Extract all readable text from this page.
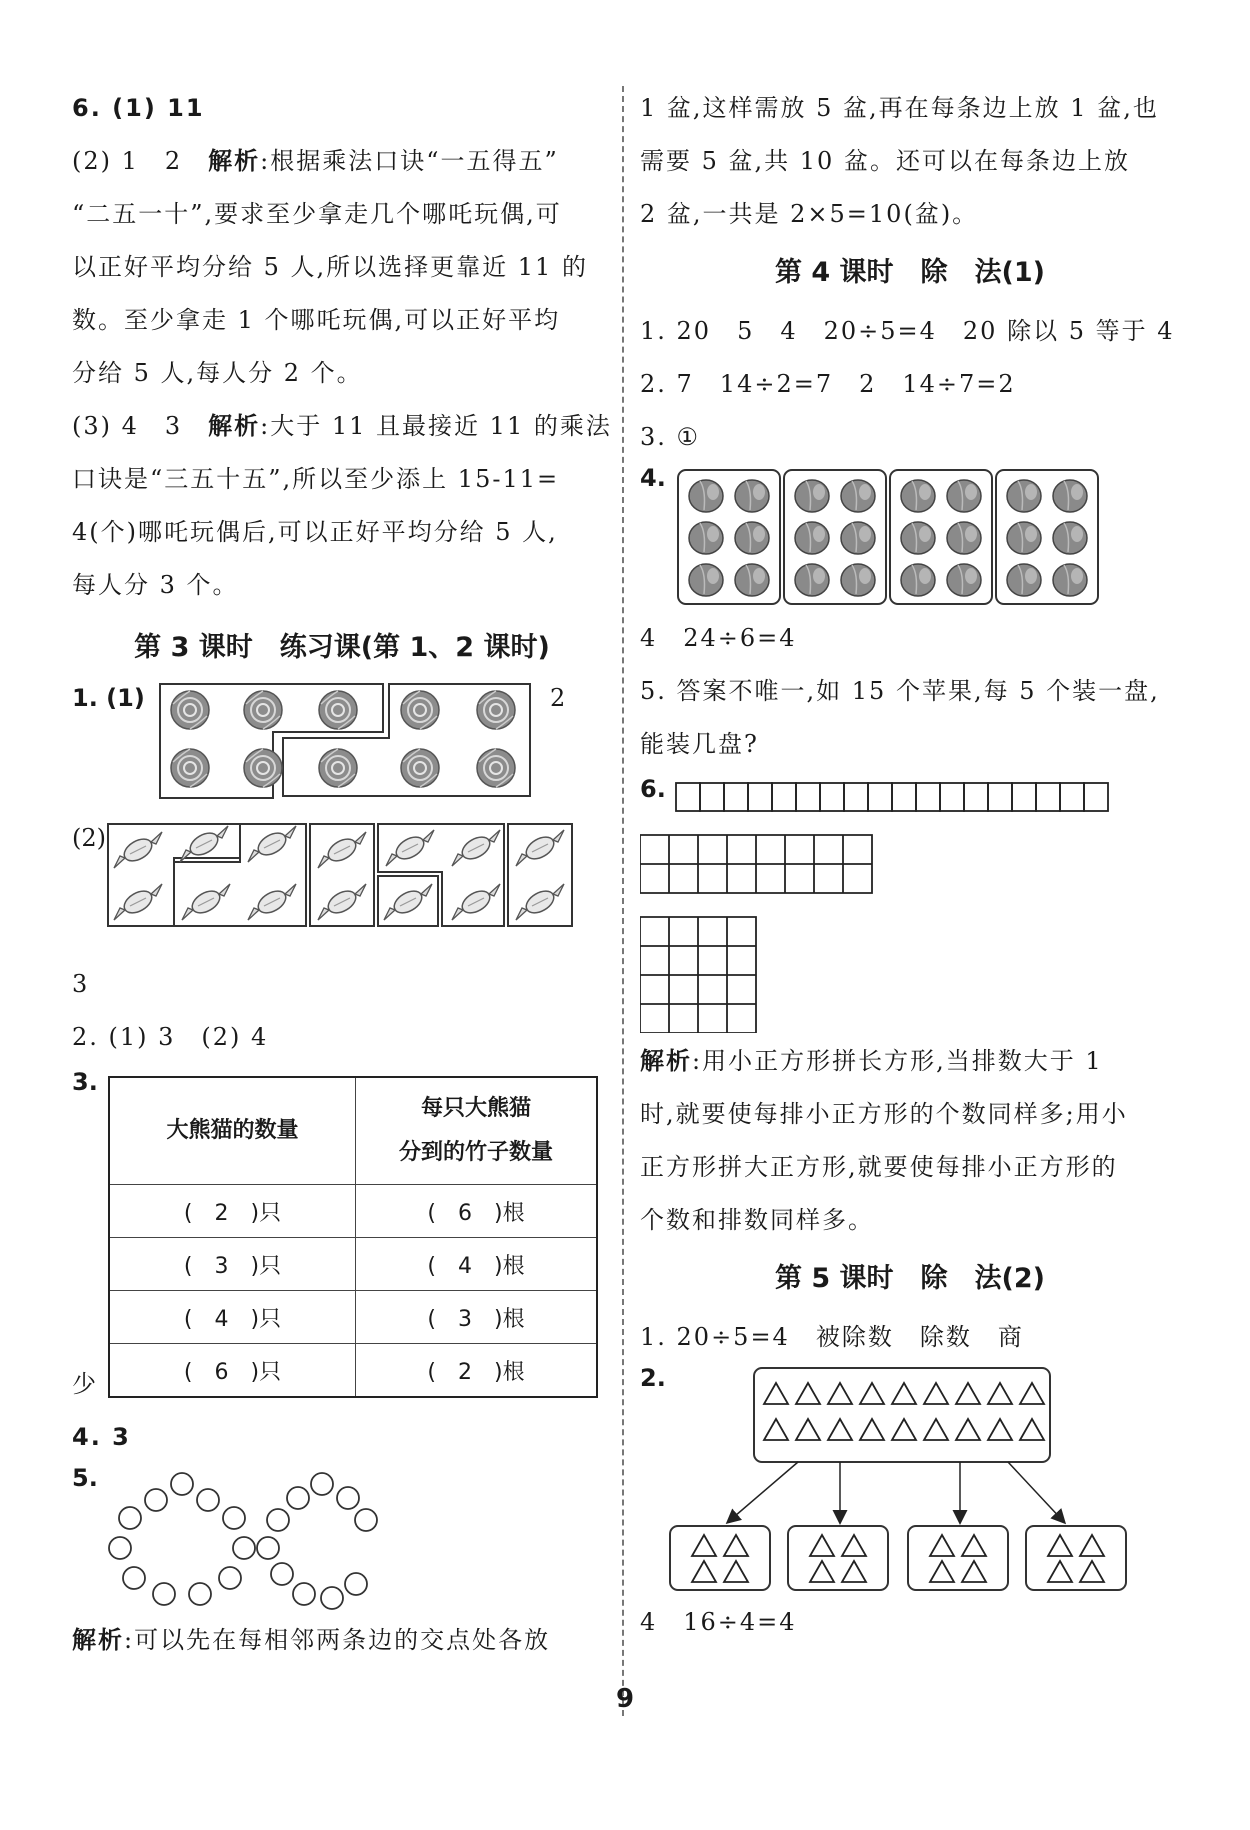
6. (1) 11

(2) 1　2　解析:根据乘法口诀“一五得五”

“二五一十”,要求至少拿走几个哪吒玩偶,可

以正好平均分给 5 人,所以选择更靠近 11 的

数。至少拿走 1 个哪吒玩偶,可以正好平均

分给 5 人,每人分 2 个。

(3) 4　3　解析:大于 11 且最接近 11 的乘法

口诀是“三五十五”,所以至少添上 15-11=

4(个)哪吒玩偶后,可以正好平均分给 5 人,

每人分 3 个。

第 3 课时　练习课(第 1、2 课时)

1. (1)	2
(2)

3

2. (1) 3　(2) 4

3.
大熊猫的数量	每只大熊猫
分到的竹子数量

(　2　)只	(　6　)根
(　3　)只	(　4　)根
(　4　)只	(　3　)根
(　6　)只	(　2　)根

少

4. 3

5.

解析:可以先在每相邻两条边的交点处各放

1 盆,这样需放 5 盆,再在每条边上放 1 盆,也

需要 5 盆,共 10 盆。还可以在每条边上放

2 盆,一共是 2×5=10(盆)。

第 4 课时　除　法(1)

1. 20　5　4　20÷5=4　20 除以 5 等于 4

2. 7　14÷2=7　2　14÷7=2

3. ①

4.

4　24÷6=4

5. 答案不唯一,如 15 个苹果,每 5 个装一盘,

能装几盘?

6.

解析:用小正方形拼长方形,当排数大于 1

时,就要使每排小正方形的个数同样多;用小

正方形拼大正方形,就要使每排小正方形的

个数和排数同样多。

第 5 课时　除　法(2)

1. 20÷5=4　被除数　除数　商

2.

4　16÷4=4

9
